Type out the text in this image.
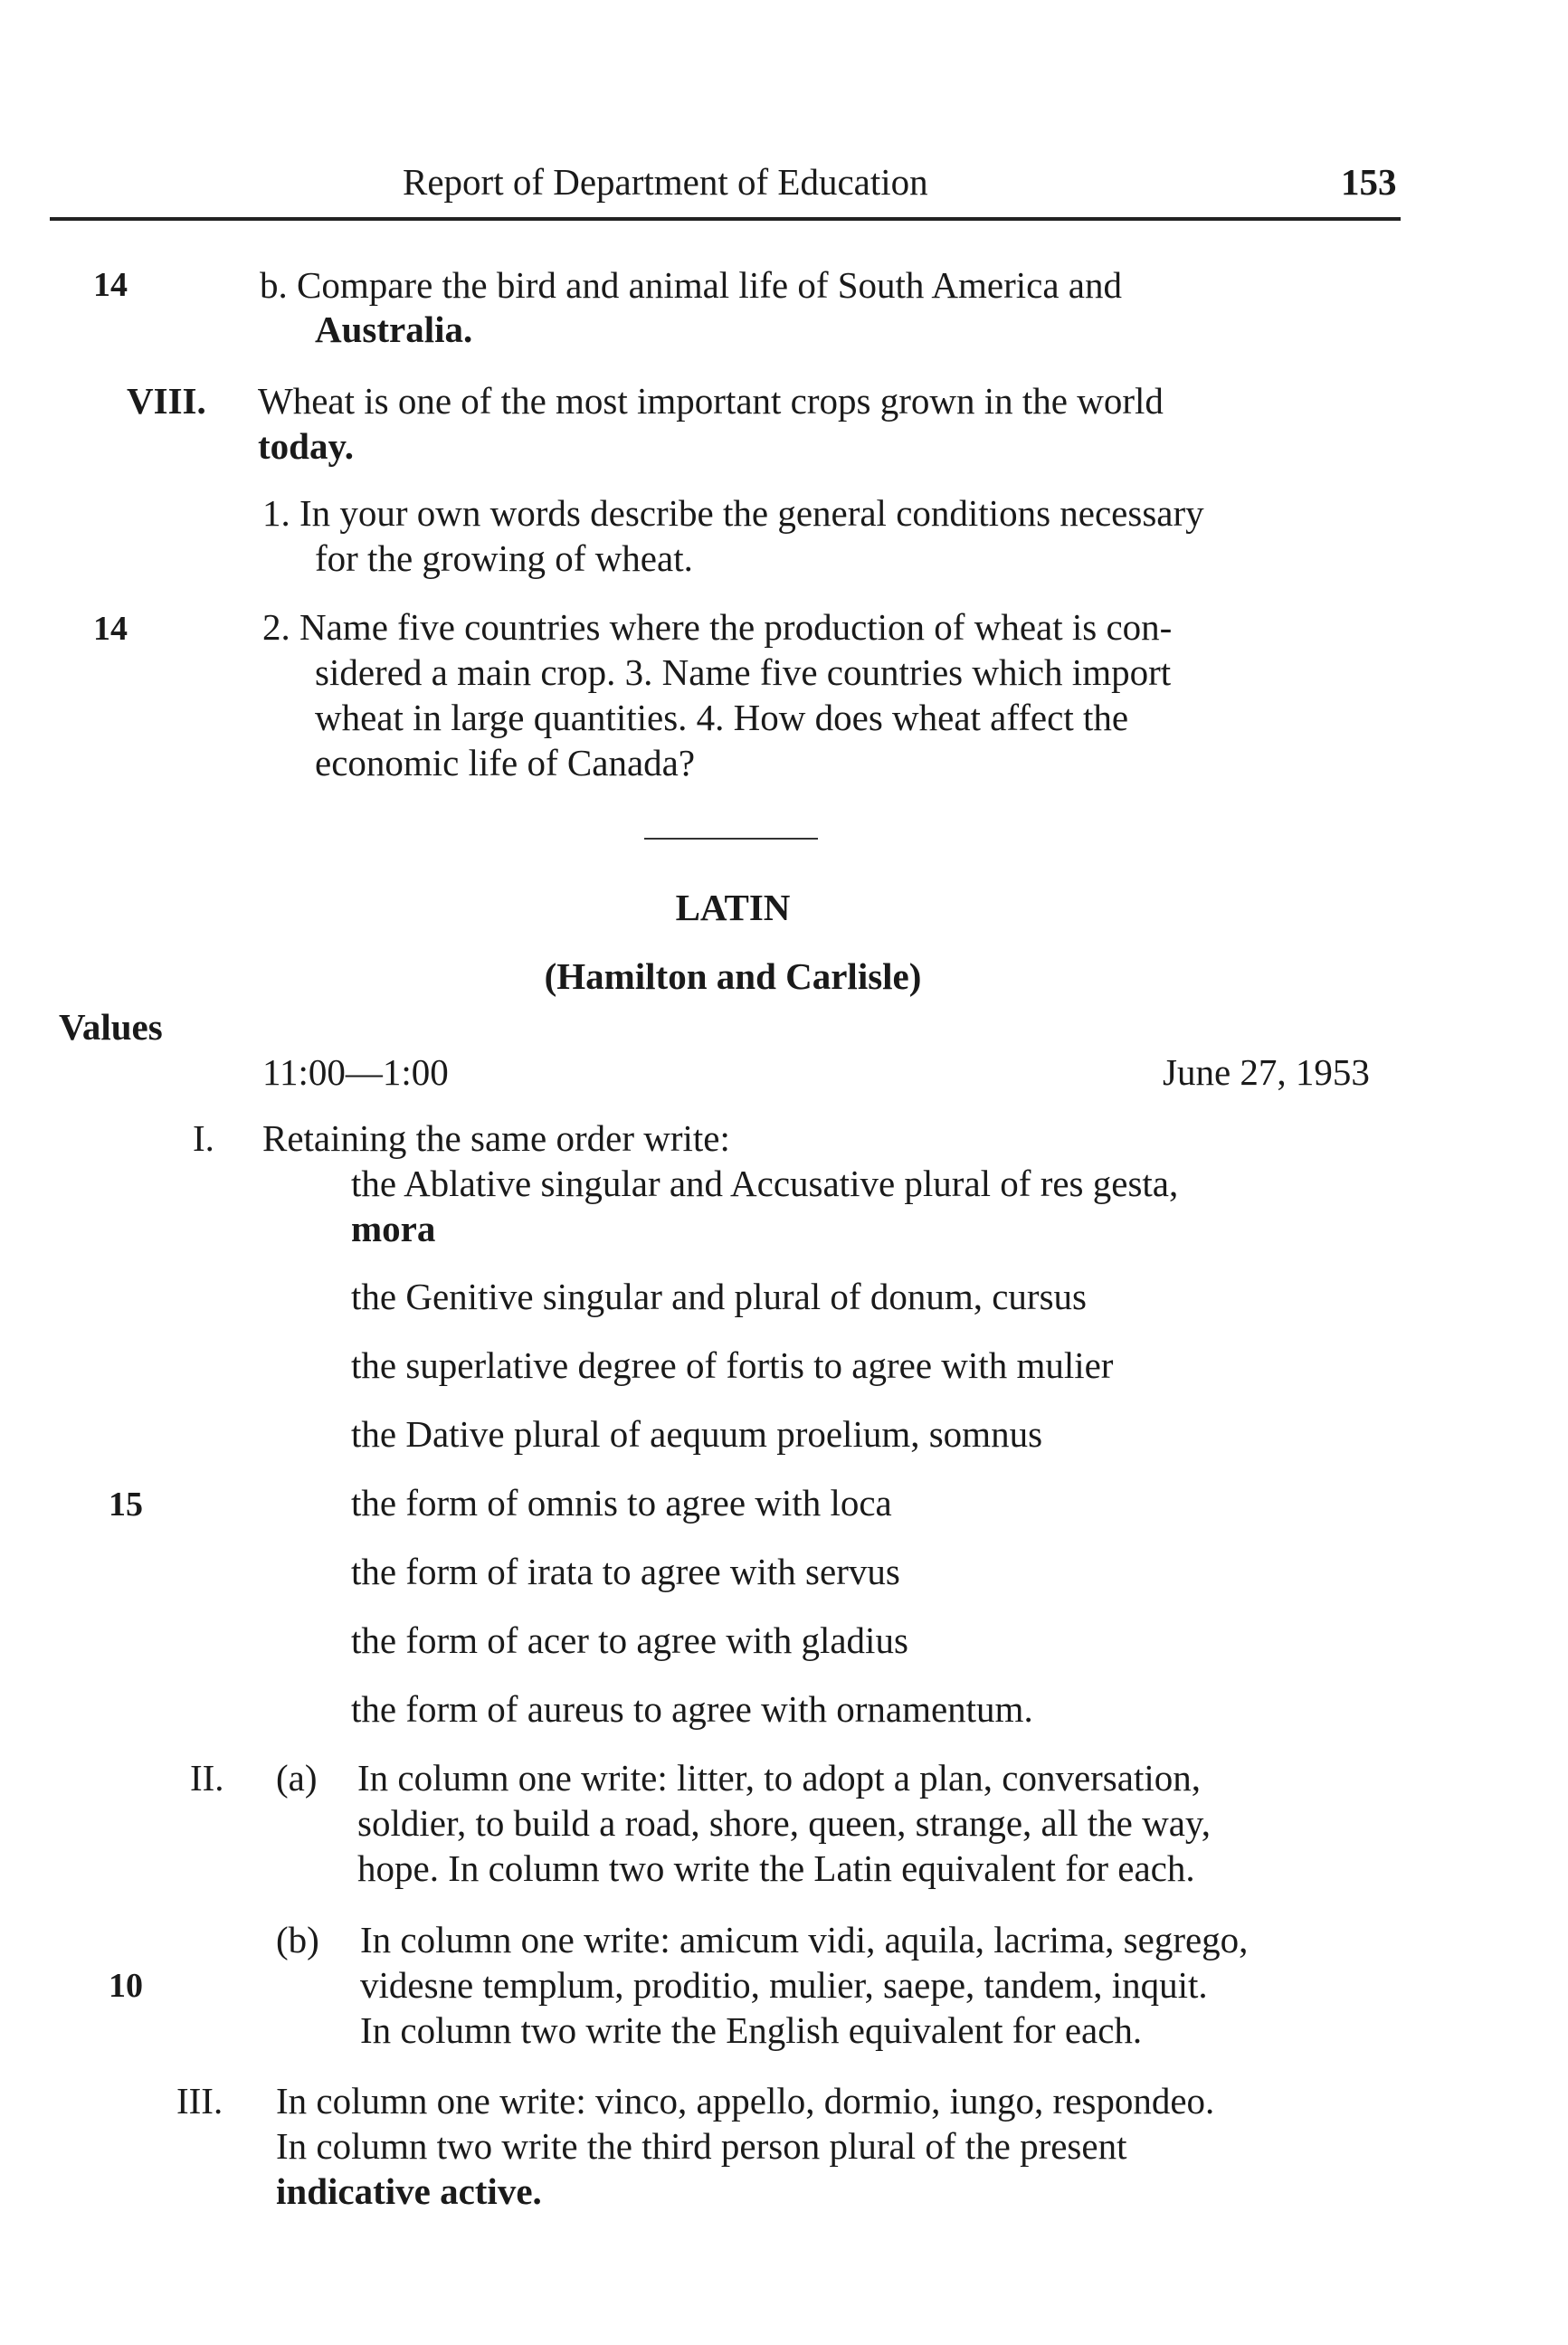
Report of Department of Education	153
14	b. Compare the bird and animal life of South America and
Australia.
VIII. Wheat is one of the most important crops grown in the world
today.
1. In your own words describe the general conditions necessary
for the growing of wheat.
14	2. Name five countries where the production of wheat is con-
sidered a main crop. 3. Name five countries which import
wheat in large quantities. 4. How does wheat affect the
economic life of Canada?
LATIN
(Hamilton and Carlisle)
Values
11:00—1:00	June 27, 1953
I. Retaining the same order write:
the Ablative singular and Accusative plural of res gesta,
mora
the Genitive singular and plural of donum, cursus
the superlative degree of fortis to agree with mulier
the Dative plural of aequum proelium, somnus
15	the form of omnis to agree with loca
the form of irata to agree with servus
the form of acer to agree with gladius
the form of aureus to agree with ornamentum.
II. (a) In column one write: litter, to adopt a plan, conversation,
soldier, to build a road, shore, queen, strange, all the way,
hope. In column two write the Latin equivalent for each.
(b) In column one write: amicum vidi, aquila, lacrima, segrego,
10	videsne templum, proditio, mulier, saepe, tandem, inquit.
In column two write the English equivalent for each.
III. In column one write: vinco, appello, dormio, iungo, respondeo.
In column two write the third person plural of the present
indicative active.
